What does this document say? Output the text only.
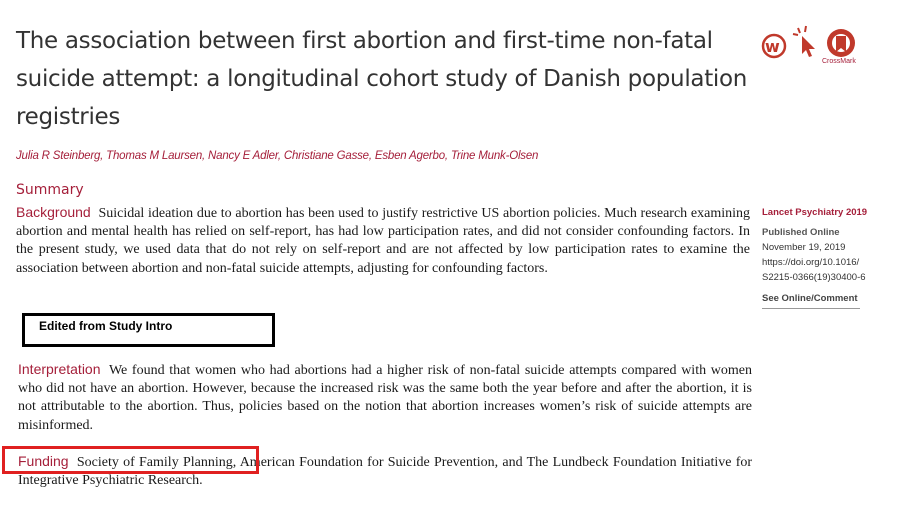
The association between first abortion and first-time non-fatal suicide attempt: a longitudinal cohort study of Danish population registries
w
CrossMark
Julia R Steinberg, Thomas M Laursen, Nancy E Adler, Christiane Gasse, Esben Agerbo, Trine Munk-Olsen
Summary
Background Suicidal ideation due to abortion has been used to justify restrictive US abortion policies. Much research examining abortion and mental health has relied on self-report, has had low participation rates, and did not consider confounding factors. In the present study, we used data that do not rely on self-report and are not affected by low participation rates to examine the association between abortion and non-fatal suicide attempts, adjusting for confounding factors.
Edited from Study Intro
Interpretation We found that women who had abortions had a higher risk of non-fatal suicide attempts compared with women who did not have an abortion. However, because the increased risk was the same both the year before and after the abortion, it is not attributable to the abortion. Thus, policies based on the notion that abortion increases women’s risk of suicide attempts are misinformed.
Funding Society of Family Planning, American Foundation for Suicide Prevention, and The Lundbeck Foundation Initiative for Integrative Psychiatric Research.
Lancet Psychiatry 2019
Published Online
November 19, 2019
https://doi.org/10.1016/
S2215-0366(19)30400-6
See Online/Comment
